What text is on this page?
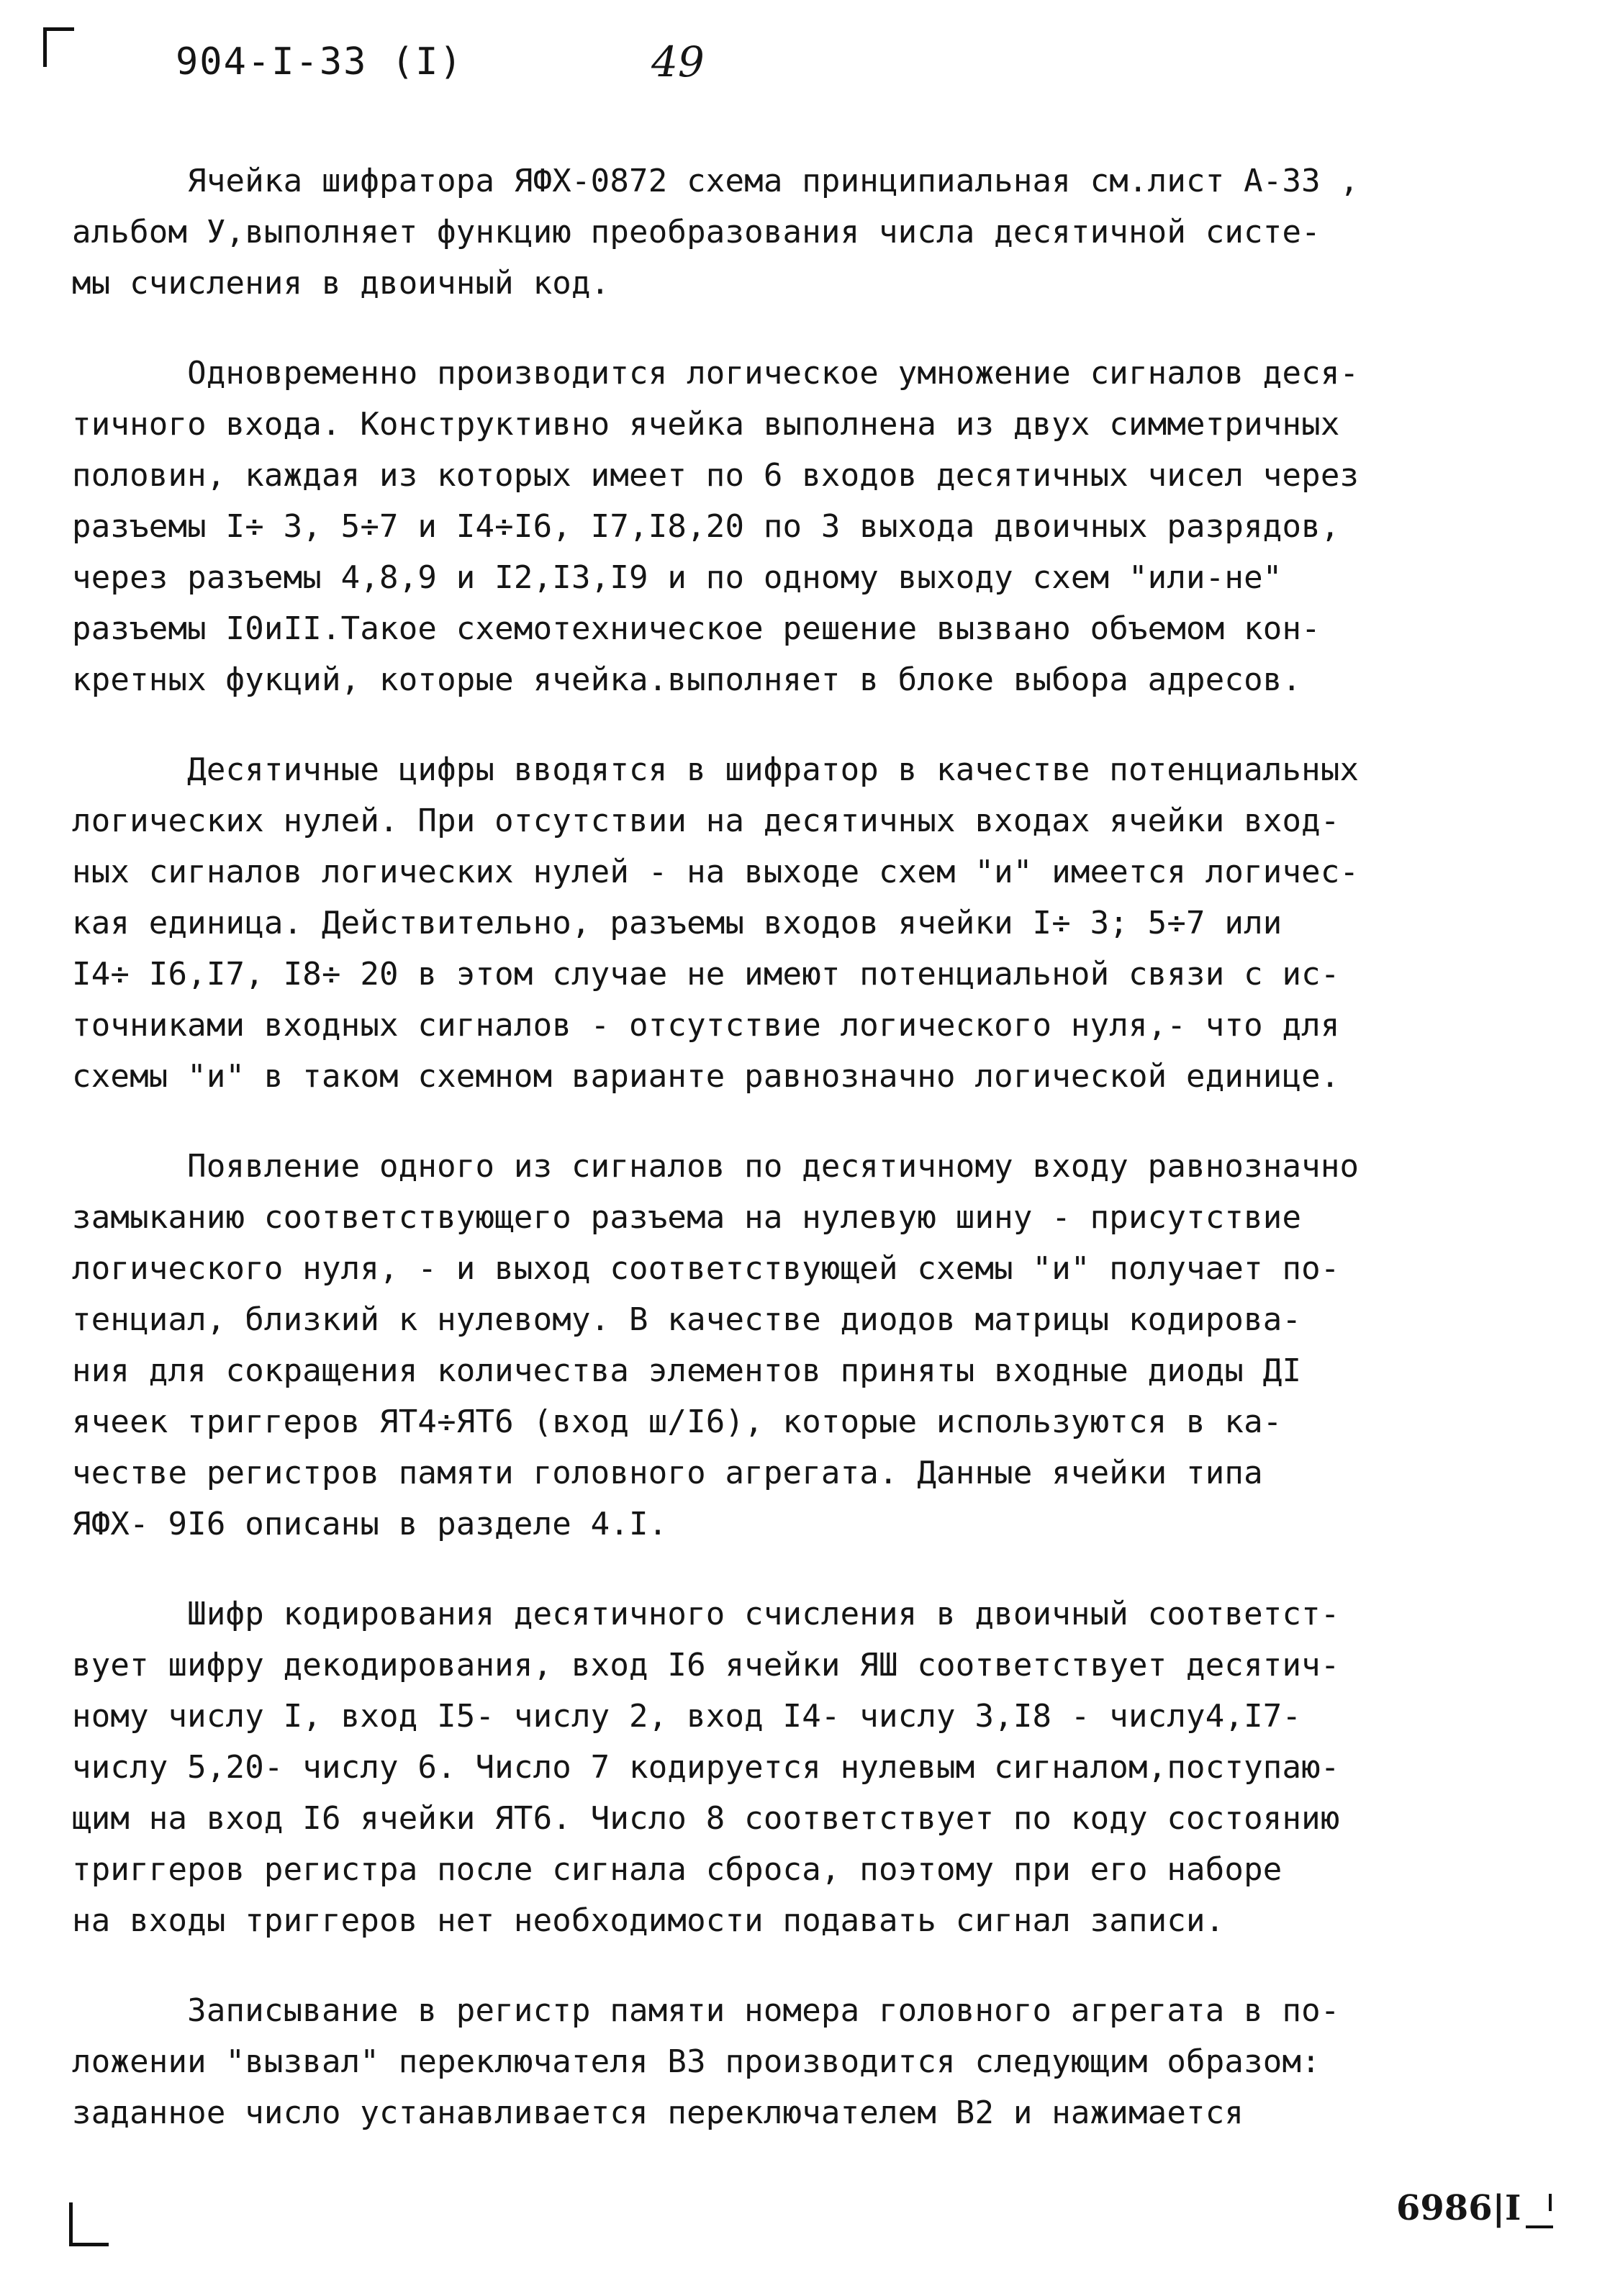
904-I-33 (I)	49
Ячейка шифратора ЯФХ-0872 схема принципиальная см.лист А-33 ,
альбом У,выполняет функцию преобразования числа десятичной систе-
мы счисления в двоичный код.
Одновременно производится логическое умножение сигналов деся-
тичного входа. Конструктивно ячейка выполнена из двух симметричных
половин, каждая из которых имеет по 6 входов десятичных чисел через
разъемы I÷ 3, 5÷7 и I4÷I6, I7,I8,20 по 3 выхода двоичных разрядов,
через разъемы 4,8,9 и I2,I3,I9 и по одному выходу схем "или-не"
разъемы I0иII.Такое схемотехническое решение вызвано объемом кон-
кретных фукций, которые ячейка.выполняет в блоке выбора адресов.
Десятичные цифры вводятся в шифратор в качестве потенциальных
логических нулей. При отсутствии на десятичных входах ячейки вход-
ных сигналов логических нулей - на выходе схем "и" имеется логичес-
кая единица. Действительно, разъемы входов ячейки I÷ 3; 5÷7 или
I4÷ I6,I7, I8÷ 20 в этом случае не имеют потенциальной связи с ис-
точниками входных сигналов - отсутствие логического нуля,- что для
схемы "и" в таком схемном варианте равнозначно логической единице.
Появление одного из сигналов по десятичному входу равнозначно
замыканию соответствующего разъема на нулевую шину - присутствие
логического нуля, - и выход соответствующей схемы "и" получает по-
тенциал, близкий к нулевому. В качестве диодов матрицы кодирова-
ния для сокращения количества элементов приняты входные диоды ДI
ячеек триггеров ЯТ4÷ЯТ6 (вход ш/I6), которые используются в ка-
честве регистров памяти головного агрегата. Данные ячейки типа
ЯФХ- 9I6 описаны в разделе 4.I.
Шифр кодирования десятичного счисления в двоичный соответст-
вует шифру декодирования, вход I6 ячейки ЯШ соответствует десятич-
ному числу I, вход I5- числу 2, вход I4- числу 3,I8 - числу4,I7-
числу 5,20- числу 6. Число 7 кодируется нулевым сигналом,поступаю-
щим на вход I6 ячейки ЯТ6. Число 8 соответствует по коду состоянию
триггеров регистра после сигнала сброса, поэтому при его наборе
на входы триггеров нет необходимости подавать сигнал записи.
Записывание в регистр памяти номера головного агрегата в по-
ложении "вызвал" переключателя В3 производится следующим образом:
заданное число устанавливается переключателем В2 и нажимается
6986|I
